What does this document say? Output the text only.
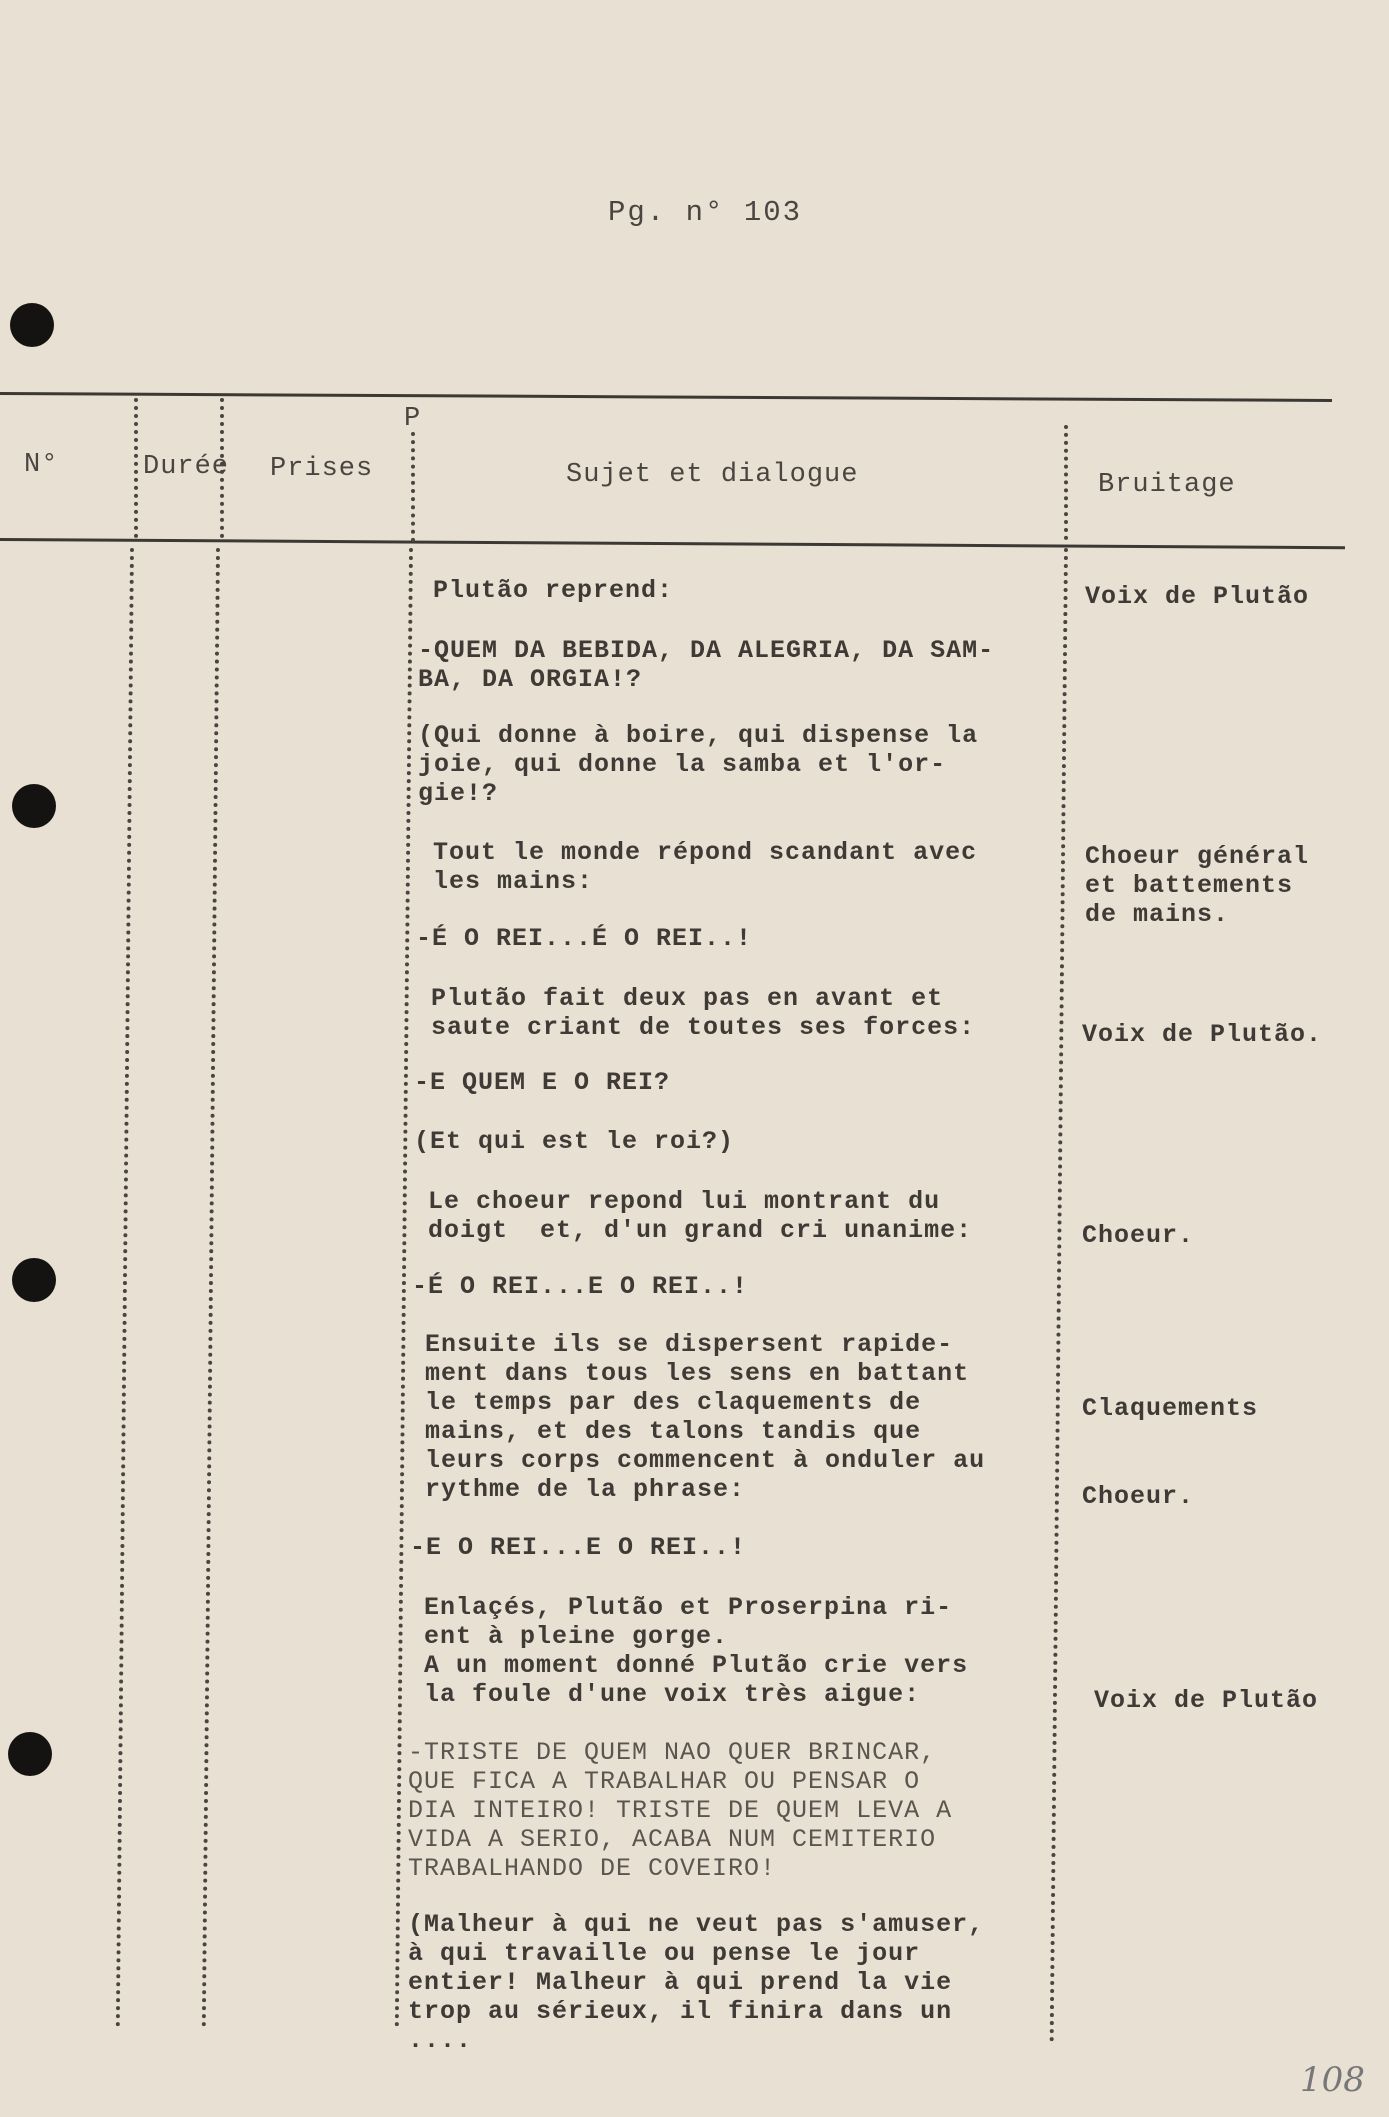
Pg. n° 103
N°	Durée Prises
P
Sujet et dialogue	Bruitage
Plutão reprend:
-QUEM DA BEBIDA, DA ALEGRIA, DA SAM-
BA, DA ORGIA!?
(Qui donne à boire, qui dispense la
joie, qui donne la samba et l'or-
gie!?
Tout le monde répond scandant avec
les mains:
-É O REI...É O REI..!
Plutão fait deux pas en avant et
saute criant de toutes ses forces:
-E QUEM E O REI?
(Et qui est le roi?)
Le choeur repond lui montrant du
doigt  et, d'un grand cri unanime:
-É O REI...E O REI..!
Ensuite ils se dispersent rapide-
ment dans tous les sens en battant
le temps par des claquements de
mains, et des talons tandis que
leurs corps commencent à onduler au
rythme de la phrase:
-E O REI...E O REI..!
Enlaçés, Plutão et Proserpina ri-
ent à pleine gorge.
A un moment donné Plutão crie vers
la foule d'une voix très aigue:
-TRISTE DE QUEM NAO QUER BRINCAR,
QUE FICA A TRABALHAR OU PENSAR O
DIA INTEIRO! TRISTE DE QUEM LEVA A
VIDA A SERIO, ACABA NUM CEMITERIO
TRABALHANDO DE COVEIRO!
(Malheur à qui ne veut pas s'amuser,
à qui travaille ou pense le jour
entier! Malheur à qui prend la vie
trop au sérieux, il finira dans un
....
Voix de Plutão
Choeur général
et battements
de mains.
Voix de Plutão.
Choeur.
Claquements
Choeur.
Voix de Plutão
108
